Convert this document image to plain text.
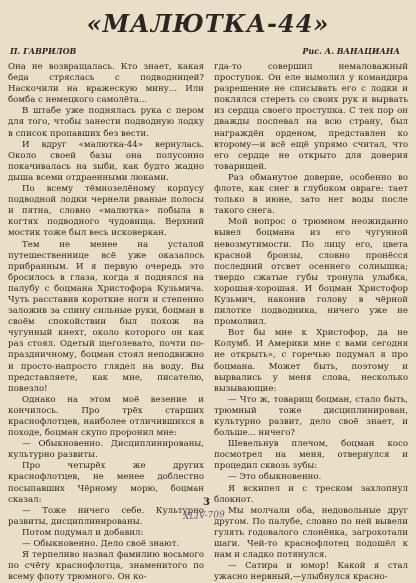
«МАЛЮТКА-44»
П. ГАВРИЛОВ	Рис. А. ВАНАЦИАНА

Она не возвращалась. Кто знает, какая беда стряслась с подводницей? Наскочили на вражескую мину... Или бомба с немецкого самолёта...

В штабе уже поднялась рука с пером для того, чтобы занести подводную лодку в список пропавших без вести.

И вдруг «малютка-44» вернулась. Около своей базы она полусонно покачивалась на зыби, как будто жадно дыша всеми отдраенными люками.

По всему тёмнозелёному корпусу подводной лодки чернели рваные полосы и пятна, словно «малютка» побыла в когтях подводного чудовища. Верхний мостик тоже был весь исковеркан.

Тем не менее на усталой путешественнице всё уже оказалось прибранным. И я первую очередь это бросилось в глаза, когда я поднялся на палубу с боцмана Христофора Кузьмича. Чуть расставив короткие ноги и степенно заложив за спину сильные руки, боцман в своём спокойствии был похож на чугунный кнехт, около которого он как раз стоял. Одетый щеголевато, почти по-праздничному, боцман стоял неподвижно и просто-напросто глядел на воду. Вы представляете, как мне, писателю, повезло!

Однако на этом моё везение и кончилось. Про трёх старших краснофлотцев, наиболее отличившихся в походе, боцман скупо проронил мне:

— Обыкновенно. Дисциплинированы, культурно развиты.

Про четырёх же других краснофлотцев, не менее доблестно посыпавших Чёрному морю, боцман сказал:

— Тоже ничего себе. Культурно развиты, дисциплинированы.

Потом подумал и добавил:

— Обыкновенно. Дело своё знают.

Я терпеливо назвал фамилию восьмого по счёту краснофлотца, знаменитого по всему флоту трюмного. Он ко-

гда-то совершил немаловажный проступок. Он еле вымолил у командира разрешение не списывать его с лодки и поклялся стереть со своих рук и вырвать из сердца своего проступка. С тех пор он дважды поспевал на всю страну, был награждён орденом, представлен ко второму—и всё ещё упрямо считал, что его сердце не открыто для доверия товарищей.

Раз обманутое доверие, особенно во флоте, как снег в глубоком овраге: тает только в июне, зато нет воды после такого снега.

Мой вопрос о трюмном неожиданно вывел боцмана из его чугунной невозмутимости. По лицу его, цвета красной бронзы, словно пронёсся последний отсвет осеннего солнышка; твердо сжатые губы тронула улыбка, хорошая-хорошая. И боцман Христофор Кузьмич, наконив голову в чёрной пилотке подводника, ничего уже не промолвил.

Вот бы мне к Христофор, да не Колумб. И Америки мне с вами сегодня не открыть», с горечью подумал я про боцмана. Может быть, поэтому и вырвались у меня слова, несколько вызывающие:

— Что ж, товарищ боцман, стало быть, трюмный тоже дисциплинирован, культурно развит, дело своё знает, и больше... ничего?

Шевельнув плечом, боцман косо посмотрел на меня, отвернулся и процедил сквозь зубы:

— Это обыкновенно.

Я вскипел и с треском захлопнул блокнот.

Мы молчали оба, недовольные друг другом. По палубе, словно по ней вывели гулять годовалого слонёнка, загрохотали шаги. Чей-то краснофлотец подошёл к нам и сладко потянулся.

— Сатира и юмор! Какой я стал ужасно нервный,—улыбнулся красно-

3
XLIV-709
